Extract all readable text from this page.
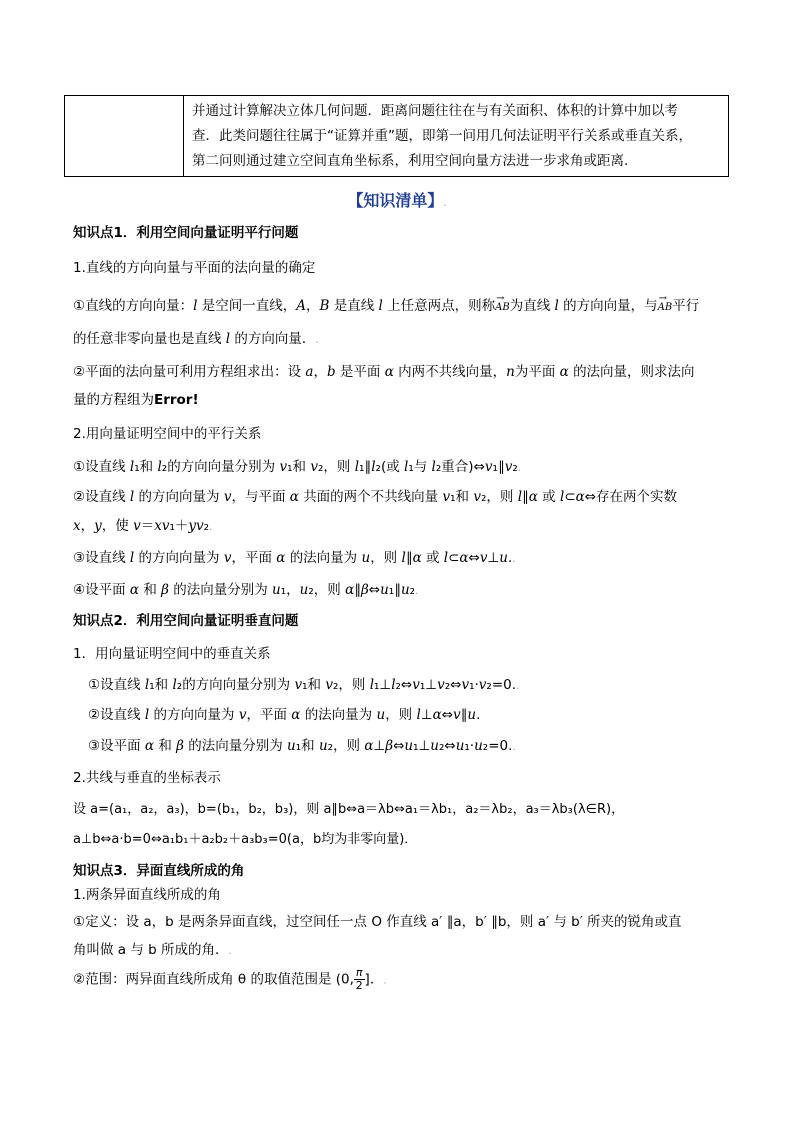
并通过计算解决立体几何问题．距离问题往往在与有关面积、体积的计算中加以考
查．此类问题往往属于“证算并重”题，即第一问用几何法证明平行关系或垂直关系，
第二问则通过建立空间直角坐标系，利用空间向量方法进一步求角或距离.
【知识清单】.
知识点1．利用空间向量证明平行问题
1.直线的方向向量与平面的法向量的确定
①直线的方向向量：l 是空间一直线，A，B 是直线 l 上任意两点，则称→ AB为直线 l 的方向向量，与→ AB平行
的任意非零向量也是直线 l 的方向向量．.
②平面的法向量可利用方程组求出：设 a，b 是平面 α 内两不共线向量，n为平面 α 的法向量，则求法向
量的方程组为Error!
2.用向量证明空间中的平行关系
①设直线 l₁和 l₂的方向向量分别为 v₁和 v₂，则 l₁∥l₂(或 l₁与 l₂重合)⇔v₁∥v₂.
②设直线 l 的方向向量为 v，与平面 α 共面的两个不共线向量 v₁和 v₂，则 l∥α 或 l⊂α⇔存在两个实数
x，y，使 v＝xv₁＋yv₂.
③设直线 l 的方向向量为 v，平面 α 的法向量为 u，则 l∥α 或 l⊂α⇔v⊥u..
④设平面 α 和 β 的法向量分别为 u₁，u₂，则 α∥β⇔u₁∥u₂.
知识点2．利用空间向量证明垂直问题
1．用向量证明空间中的垂直关系
①设直线 l₁和 l₂的方向向量分别为 v₁和 v₂，则 l₁⊥l₂⇔v₁⊥v₂⇔v₁·v₂=0..
②设直线 l 的方向向量为 v，平面 α 的法向量为 u，则 l⊥α⇔v∥u.
③设平面 α 和 β 的法向量分别为 u₁和 u₂，则 α⊥β⇔u₁⊥u₂⇔u₁·u₂=0..
2.共线与垂直的坐标表示
设 a=(a₁，a₂，a₃)，b=(b₁，b₂，b₃)，则 a∥b⇔a＝λb⇔a₁＝λb₁，a₂＝λb₂，a₃＝λb₃(λ∈R)，
a⊥b⇔a·b=0⇔a₁b₁＋a₂b₂＋a₃b₃=0(a，b均为非零向量)．
知识点3．异面直线所成的角
1.两条异面直线所成的角
①定义：设 a，b 是两条异面直线，过空间任一点 O 作直线 a′ ∥a，b′ ∥b，则 a′ 与 b′ 所夹的锐角或直
角叫做 a 与 b 所成的角．.
②范围：两异面直线所成角 θ 的取值范围是 (0, $\frac{\pi}{2}$ ]．.
